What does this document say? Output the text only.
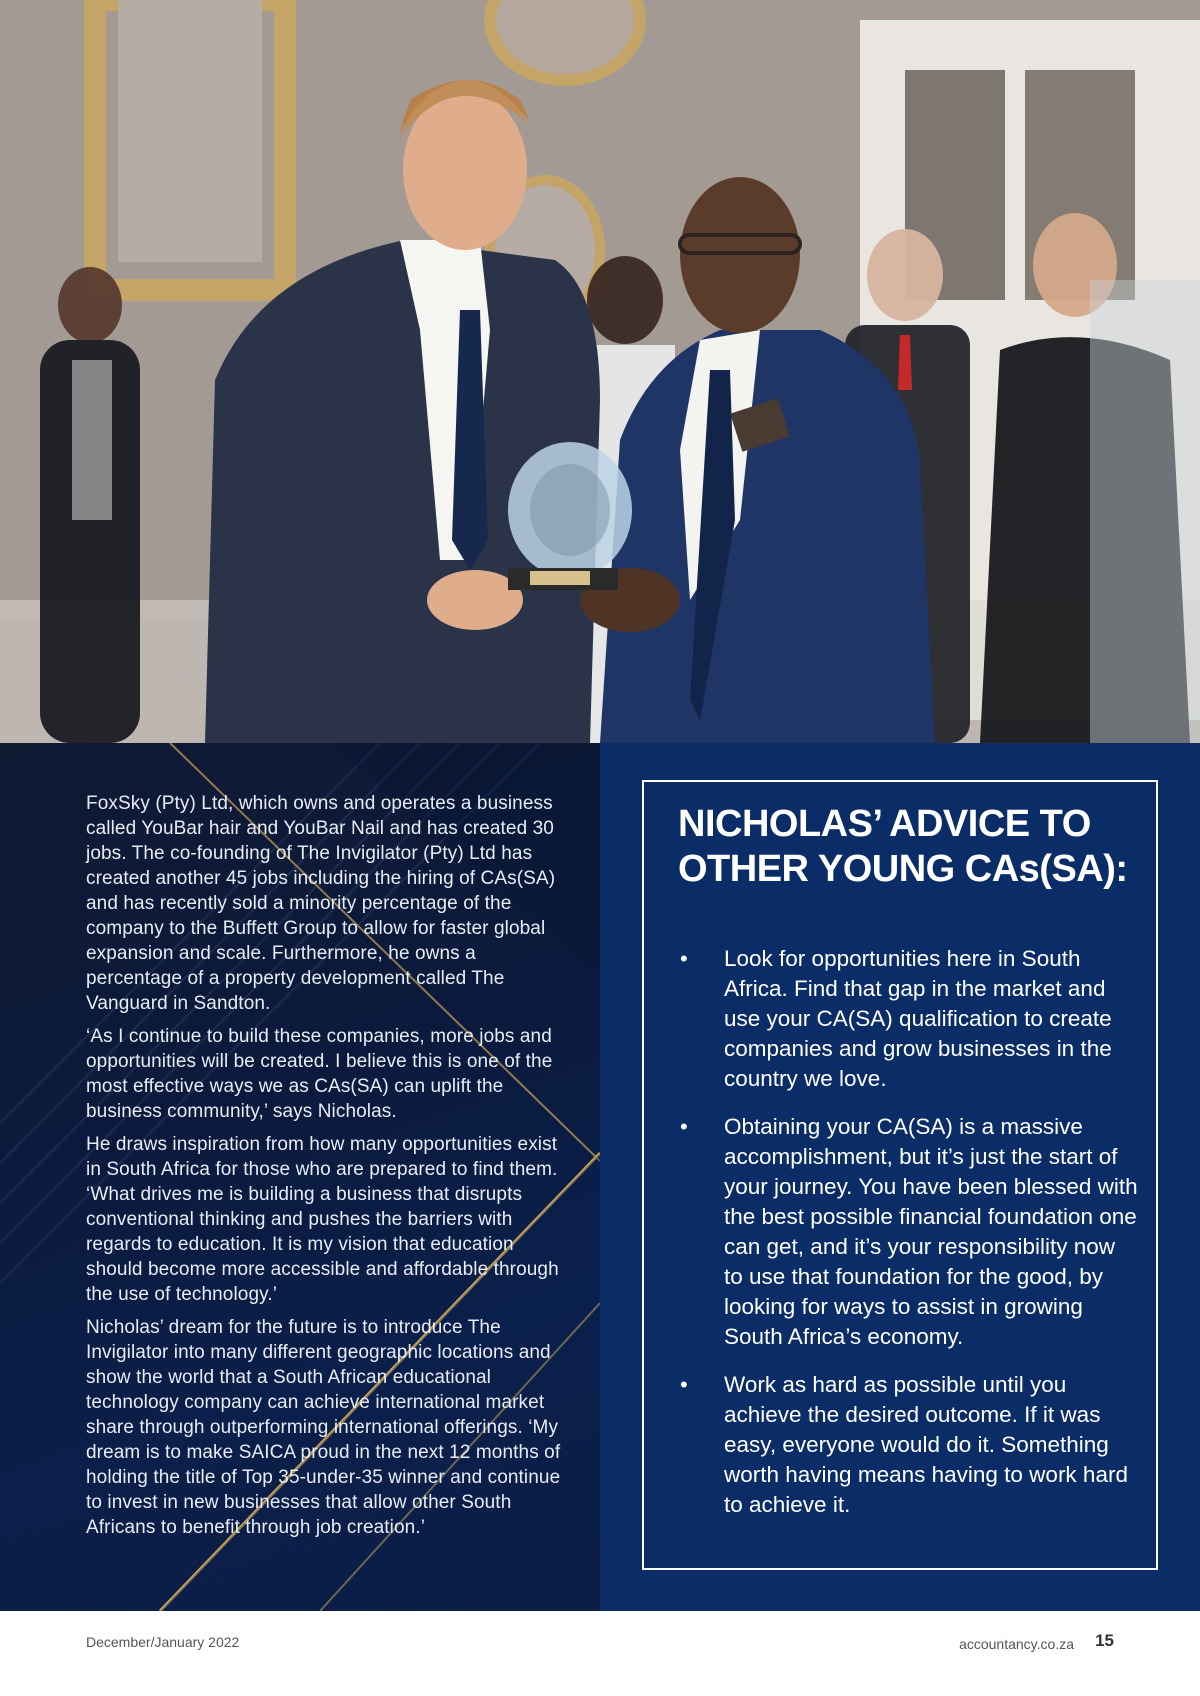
FoxSky (Pty) Ltd, which owns and operates a business called YouBar hair and YouBar Nail and has created 30 jobs. The co-founding of The Invigilator (Pty) Ltd has created another 45 jobs including the hiring of CAs(SA) and has recently sold a minority percentage of the company to the Buffett Group to allow for faster global expansion and scale. Furthermore, he owns a percentage of a property development called The Vanguard in Sandton.

‘As I continue to build these companies, more jobs and opportunities will be created. I believe this is one of the most effective ways we as CAs(SA) can uplift the business community,’ says Nicholas.

He draws inspiration from how many opportunities exist in South Africa for those who are prepared to find them. ‘What drives me is building a business that disrupts conventional thinking and pushes the barriers with regards to education. It is my vision that education should become more accessible and affordable through the use of technology.’

Nicholas’ dream for the future is to introduce The Invigilator into many different geographic locations and show the world that a South African educational technology company can achieve international market share through outperforming international offerings. ‘My dream is to make SAICA proud in the next 12 months of holding the title of Top 35-under-35 winner and continue to invest in new businesses that allow other South Africans to benefit through job creation.’

NICHOLAS’ ADVICE TO OTHER YOUNG CAs(SA):
• Look for opportunities here in South Africa. Find that gap in the market and use your CA(SA) qualification to create companies and grow businesses in the country we love.
• Obtaining your CA(SA) is a massive accomplishment, but it’s just the start of your journey. You have been blessed with the best possible financial foundation one can get, and it’s your responsibility now to use that foundation for the good, by looking for ways to assist in growing South Africa’s economy.
• Work as hard as possible until you achieve the desired outcome. If it was easy, everyone would do it. Something worth having means having to work hard to achieve it.
December/January 2022	accountancy.co.za 15
